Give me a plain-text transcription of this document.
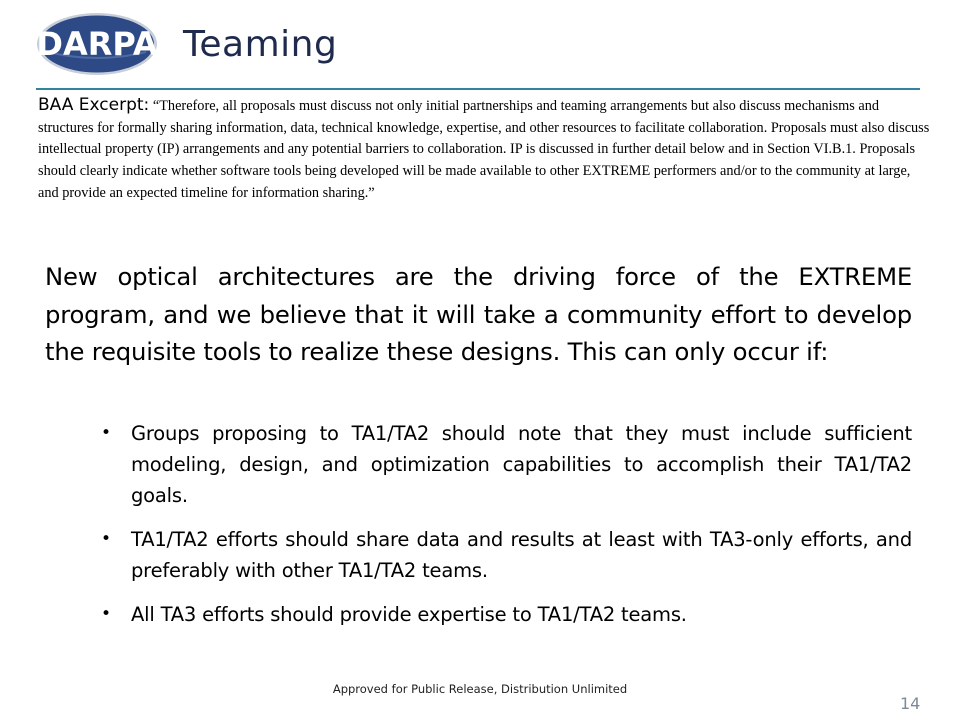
DARPA Teaming
BAA Excerpt: “Therefore, all proposals must discuss not only initial partnerships and teaming arrangements but also discuss mechanisms and structures for formally sharing information, data, technical knowledge, expertise, and other resources to facilitate collaboration. Proposals must also discuss intellectual property (IP) arrangements and any potential barriers to collaboration. IP is discussed in further detail below and in Section VI.B.1. Proposals should clearly indicate whether software tools being developed will be made available to other EXTREME performers and/or to the community at large, and provide an expected timeline for information sharing.”
New optical architectures are the driving force of the EXTREME program, and we believe that it will take a community effort to develop the requisite tools to realize these designs. This can only occur if:
• Groups proposing to TA1/TA2 should note that they must include sufficient modeling, design, and optimization capabilities to accomplish their TA1/TA2 goals.
• TA1/TA2 efforts should share data and results at least with TA3-only efforts, and preferably with other TA1/TA2 teams.
• All TA3 efforts should provide expertise to TA1/TA2 teams.
Approved for Public Release, Distribution Unlimited
14
